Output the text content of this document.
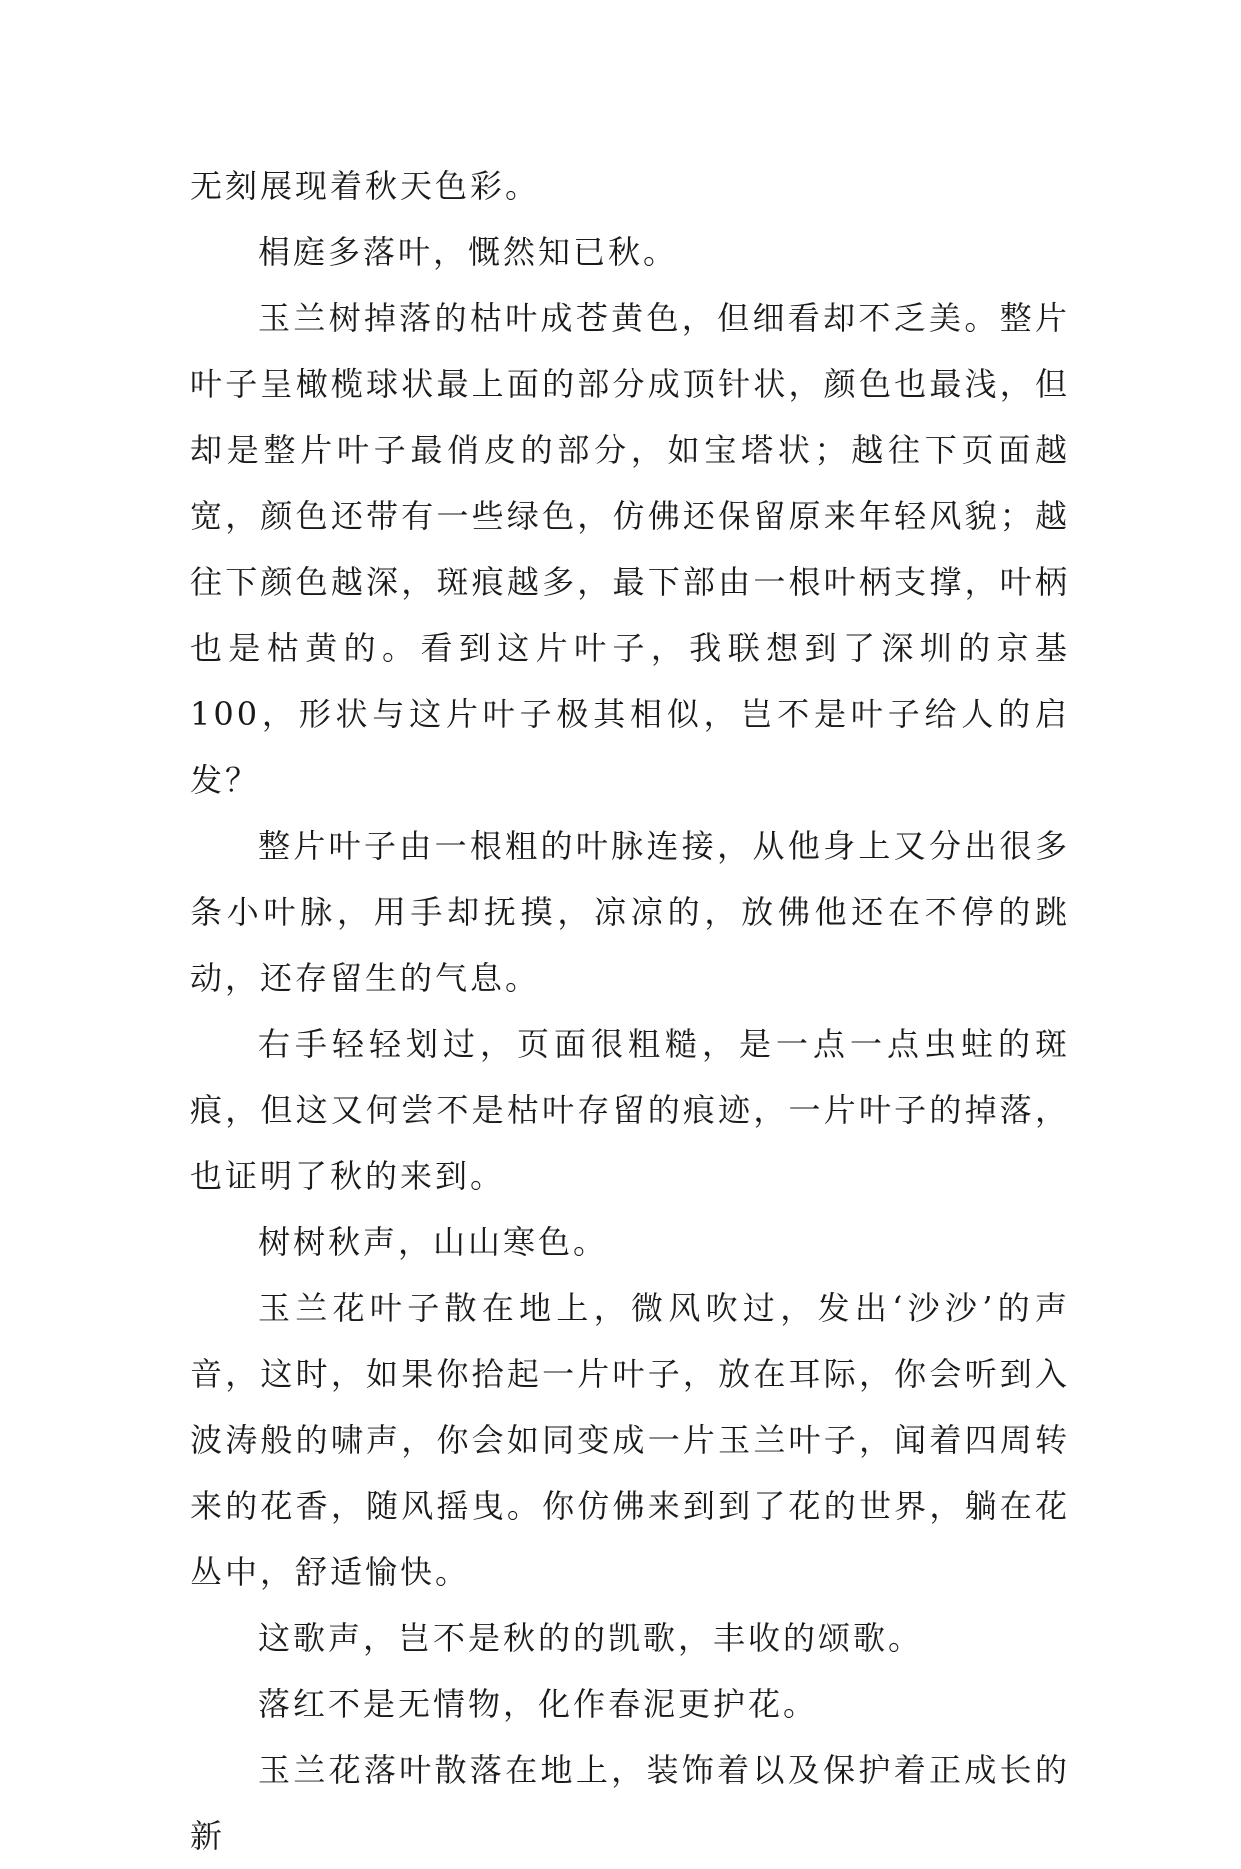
无刻展现着秋天色彩。

梋庭多落叶，慨然知已秋。

玉兰树掉落的枯叶成苍黄色，但细看却不乏美。整片叶子呈橄榄球状最上面的部分成顶针状，颜色也最浅，但却是整片叶子最俏皮的部分，如宝塔状；越往下页面越宽，颜色还带有一些绿色，仿佛还保留原来年轻风貌；越往下颜色越深，斑痕越多，最下部由一根叶柄支撑，叶柄也是枯黄的。看到这片叶子，我联想到了深圳的京基100，形状与这片叶子极其相似，岂不是叶子给人的启发？

整片叶子由一根粗的叶脉连接，从他身上又分出很多条小叶脉，用手却抚摸，凉凉的，放佛他还在不停的跳动，还存留生的气息。

右手轻轻划过，页面很粗糙，是一点一点虫蛀的斑痕，但这又何尝不是枯叶存留的痕迹，一片叶子的掉落，也证明了秋的来到。

树树秋声，山山寒色。

玉兰花叶子散在地上，微风吹过，发出‘沙沙’的声音，这时，如果你拾起一片叶子，放在耳际，你会听到入波涛般的啸声，你会如同变成一片玉兰叶子，闻着四周转来的花香，随风摇曳。你仿佛来到到了花的世界，躺在花丛中，舒适愉快。

这歌声，岂不是秋的的凯歌，丰收的颂歌。

落红不是无情物，化作春泥更护花。

玉兰花落叶散落在地上，装饰着以及保护着正成长的新
